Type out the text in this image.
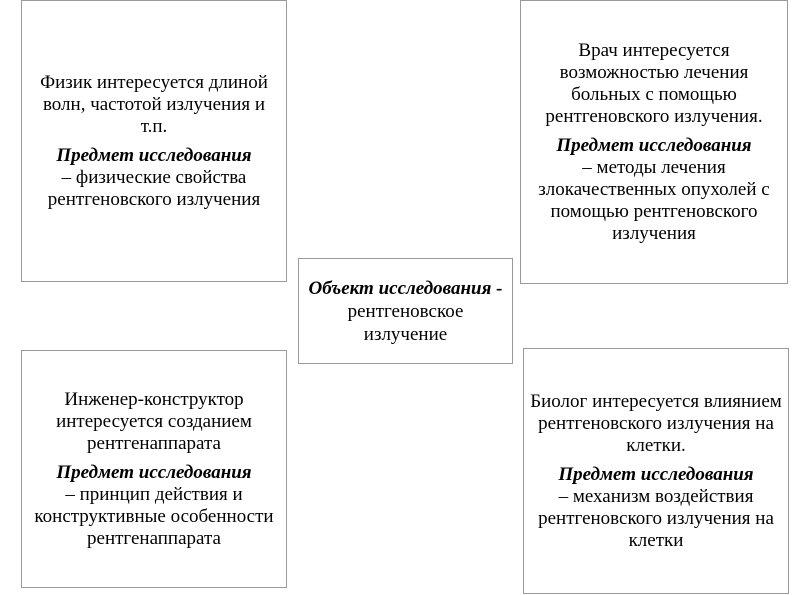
Физик интересуется длиной волн, частотой излучения и т.п.

Предмет исследования
– физические свойства рентгеновского излучения

Врач интересуется возможностью лечения больных с помощью рентгеновского излучения.

Предмет исследования
– методы лечения злокачественных опухолей с помощью рентгеновского излучения

Объект исследования -
рентгеновское излучение

Инженер-конструктор интересуется созданием рентгенаппарата

Предмет исследования
– принцип действия и конструктивные особенности рентгенаппарата

Биолог интересуется влиянием рентгеновского излучения на клетки.

Предмет исследования
– механизм воздействия рентгеновского излучения на клетки
